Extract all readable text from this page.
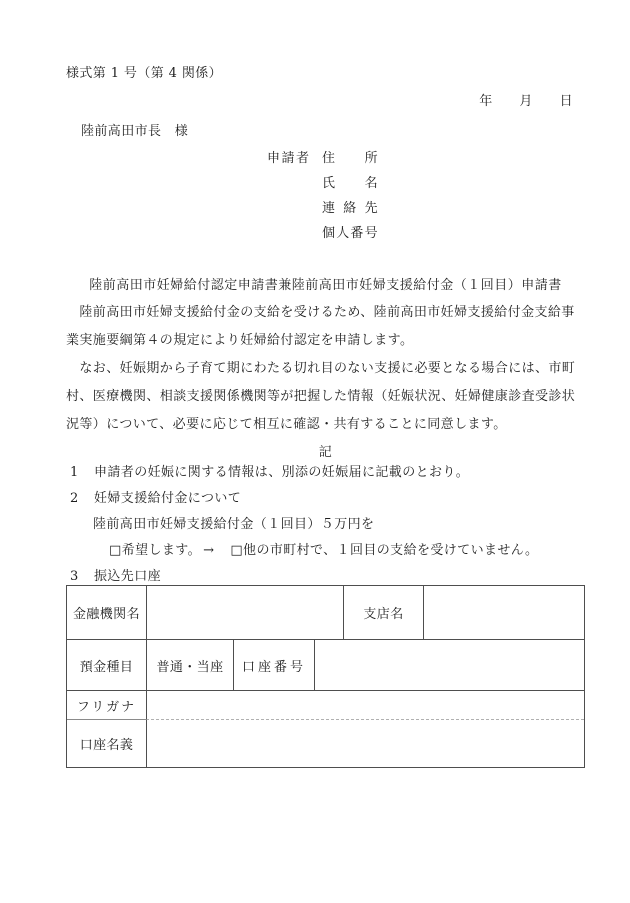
様式第 1 号（第 4 関係）
年　　月　　日
陸前高田市長　様
申請者 住所
氏名
連絡先
個人番号
陸前高田市妊婦給付認定申請書兼陸前高田市妊婦支援給付金（１回目）申請書
　陸前高田市妊婦支援給付金の支給を受けるため、陸前高田市妊婦支援給付金支給事
業実施要綱第４の規定により妊婦給付認定を申請します。
　なお、妊娠期から子育て期にわたる切れ目のない支援に必要となる場合には、市町
村、医療機関、相談支援関係機関等が把握した情報（妊娠状況、妊婦健康診査受診状
況等）について、必要に応じて相互に確認・共有することに同意します。
記
1	申請者の妊娠に関する情報は、別添の妊娠届に記載のとおり。
2	妊婦支援給付金について
陸前高田市妊婦支援給付金（１回目）５万円を
□希望します。 → □他の市町村で、１回目の支給を受けていません。
3	振込先口座
金融機関名	支店名
預金種目	普通・当座	口座番号
フリガナ
口座名義
